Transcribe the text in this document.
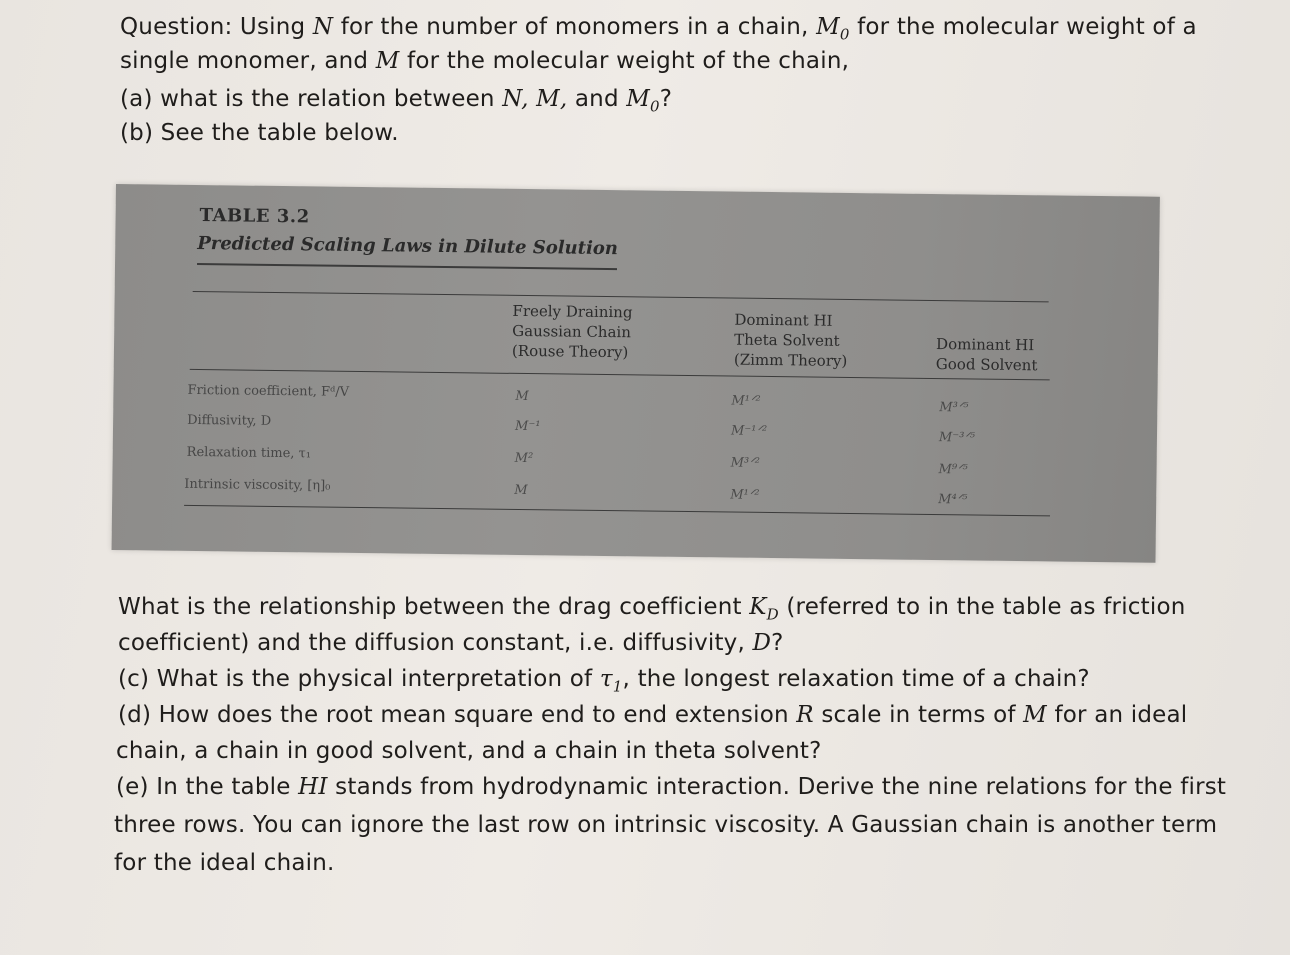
Question: Using N for the number of monomers in a chain, $M_0$ for the molecular weight of a
single monomer, and M for the molecular weight of the chain,
(a) what is the relation between N, M, and $M_0$?
(b) See the table below.
TABLE 3.2
Predicted Scaling Laws in Dilute Solution
Freely Draining
Gaussian Chain
(Rouse Theory)
Dominant HI
Theta Solvent
(Zimm Theory)
Dominant HI
Good Solvent
Friction coefficient, Fᵈ/V	M	M¹ᐟ²	M³ᐟ⁵
Diffusivity, D	M⁻¹	M⁻¹ᐟ²	M⁻³ᐟ⁵
Relaxation time, τ₁	M²	M³ᐟ²	M⁹ᐟ⁵
Intrinsic viscosity, [η]₀	M	M¹ᐟ²	M⁴ᐟ⁵
What is the relationship between the drag coefficient $K_D$ (referred to in the table as friction
coefficient) and the diffusion constant, i.e. diffusivity, D?
(c) What is the physical interpretation of $\tau_1$, the longest relaxation time of a chain?
(d) How does the root mean square end to end extension R scale in terms of M for an ideal
chain, a chain in good solvent, and a chain in theta solvent?
(e) In the table HI stands from hydrodynamic interaction. Derive the nine relations for the first
three rows. You can ignore the last row on intrinsic viscosity. A Gaussian chain is another term
for the ideal chain.
